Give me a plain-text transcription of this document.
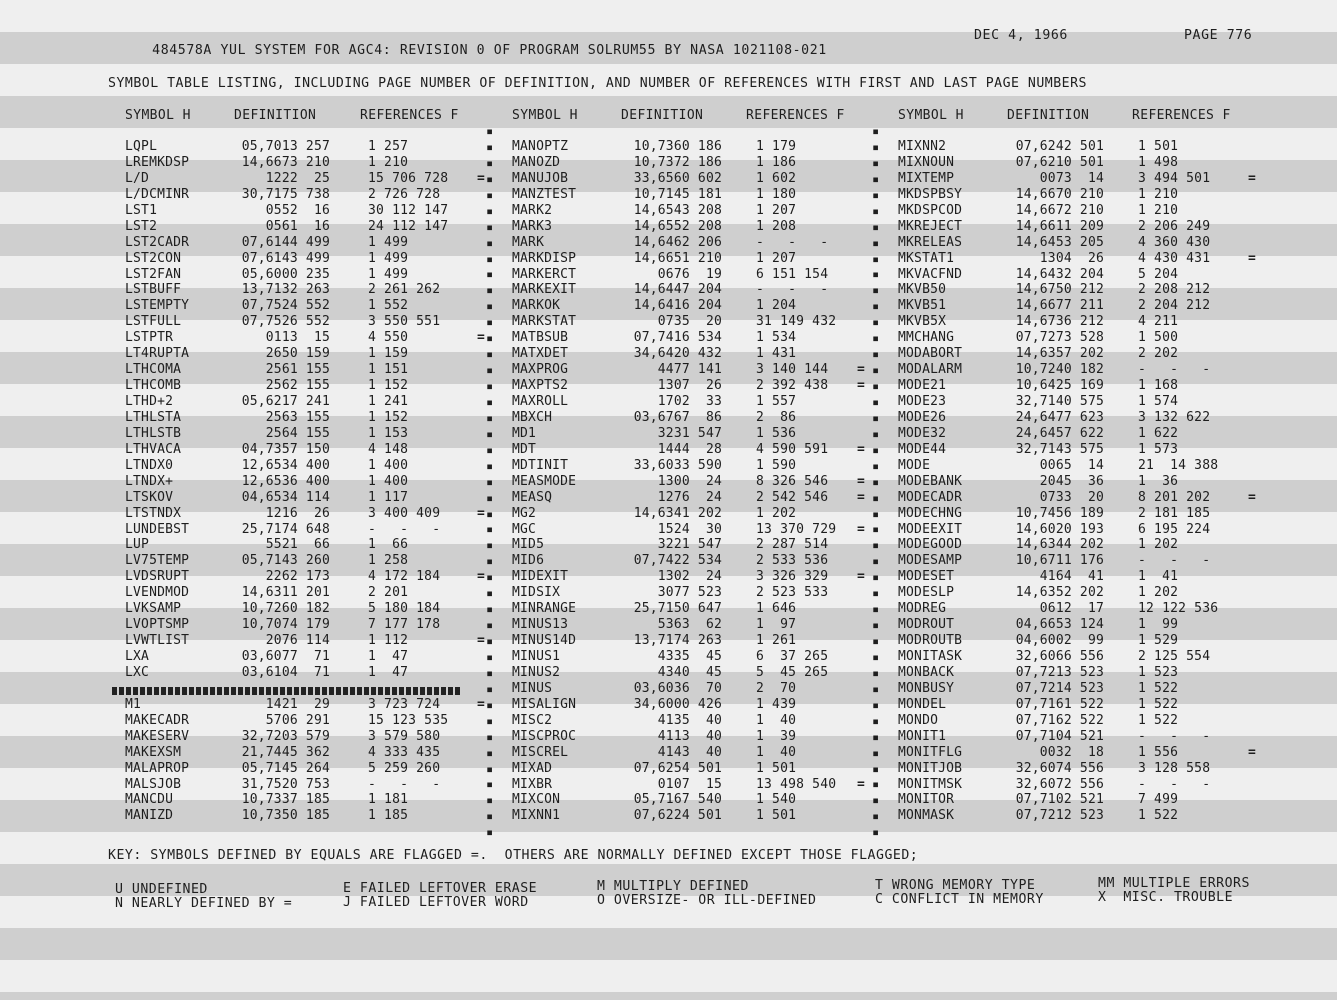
484578A YUL SYSTEM FOR AGC4: REVISION 0 OF PROGRAM SOLRUM55 BY NASA 1021108-021

DEC 4, 1966

	PAGE 776

SYMBOL TABLE LISTING, INCLUDING PAGE NUMBER OF DEFINITION, AND NUMBER OF REFERENCES WITH FIRST AND LAST PAGE NUMBERS
SYMBOL H	DEFINITION	REFERENCES F	SYMBOL H	DEFINITION	REFERENCES F	SYMBOL H	DEFINITION	REFERENCES F
▪
▪
▪
▪
▪
▪
▪
▪
▪
▪
▪
▪
▪
▪
▪
▪
▪
▪
▪
▪
▪
▪
▪
▪
▪
▪
▪
▪
▪
▪
▪
▪
▪
▪
▪
▪
▪
▪
▪
▪
▪
▪
▪
▪
▪
▪
▪
▪
▪
▪
▪
▪
▪
▪
▪
▪
▪
▪
▪
▪
▪
▪
▪
▪
▪
▪
▪
▪
▪
▪
▪
▪
▪
▪
▪
▪
▪
▪
▪
▪
▪
▪
▪
▪
▪
▪
▪
▪
▪
▪
LQPL	05,7013 257	1 257
LREMKDSP	14,6673 210	1 210
L/D	1222  25	15 706 728 =
L/DCMINR	30,7175 738	2 726 728
LST1	0552  16	30 112 147
LST2	0561  16	24 112 147
LST2CADR	07,6144 499	1 499
LST2CON	07,6143 499	1 499
LST2FAN	05,6000 235	1 499
LSTBUFF	13,7132 263	2 261 262
LSTEMPTY	07,7524 552	1 552
LSTFULL	07,7526 552	3 550 551
LSTPTR	0113  15	4 550	=
LT4RUPTA	2650 159	1 159
LTHCOMA	2561 155	1 151
LTHCOMB	2562 155	1 152
LTHD+2	05,6217 241	1 241
LTHLSTA	2563 155	1 152
LTHLSTB	2564 155	1 153
LTHVACA	04,7357 150	4 148
LTNDX0	12,6534 400	1 400
LTNDX+	12,6536 400	1 400
LTSKOV	04,6534 114	1 117
LTSTNDX	1216  26	3 400 409	=
LUNDEBST	25,7174 648	-   -   -
LUP	5521  66	1  66
LV75TEMP	05,7143 260	1 258
LVDSRUPT	2262 173	4 172 184	=
LVENDMOD	14,6311 201	2 201
LVKSAMP	10,7260 182	5 180 184
LVOPTSMP	10,7074 179	7 177 178
LVWTLIST	2076 114	1 112	=
LXA	03,6077  71	1  47
LXC	03,6104  71	1  47
M1	1421  29	3 723 724	=
MAKECADR	5706 291	15 123 535
MAKESERV	32,7203 579	3 579 580
MAKEXSM	21,7445 362	4 333 435
MALAPROP	05,7145 264	5 259 260
MALSJOB	31,7520 753	-   -   -
MANCDU	10,7337 185	1 181
MANIZD	10,7350 185	1 185
MANOPTZ	10,7360 186	1 179
MANOZD	10,7372 186	1 186
MANUJOB	33,6560 602	1 602
MANZTEST	10,7145 181	1 180
MARK2	14,6543 208	1 207
MARK3	14,6552 208	1 208
MARK	14,6462 206	-   -   -
MARKDISP	14,6651 210	1 207
MARKERCT	0676  19	6 151 154
MARKEXIT	14,6447 204	-   -   -
MARKOK	14,6416 204	1 204
MARKSTAT	0735  20	31 149 432
MATBSUB	07,7416 534	1 534
MATXDET	34,6420 432	1 431
MAXPROG	4477 141	3 140 144 =
MAXPTS2	1307  26	2 392 438 =
MAXROLL	1702  33	1 557
MBXCH	03,6767  86	2  86
MD1	3231 547	1 536
MDT	1444  28	4 590 591 =
MDTINIT	33,6033 590	1 590
MEASMODE	1300  24	8 326 546 =
MEASQ	1276  24	2 542 546 =
MG2	14,6341 202	1 202
MGC	1524  30	13 370 729 =
MID5	3221 547	2 287 514
MID6	07,7422 534	2 533 536
MIDEXIT	1302  24	3 326 329 =
MIDSIX	3077 523	2 523 533
MINRANGE	25,7150 647	1 646
MINUS13	5363  62	1  97
MINUS14D	13,7174 263	1 261
MINUS1	4335  45	6  37 265
MINUS2	4340  45	5  45 265
MINUS	03,6036  70	2  70
MISALIGN	34,6000 426	1 439
MISC2	4135  40	1  40
MISCPROC	4113  40	1  39
MISCREL	4143  40	1  40
MIXAD	07,6254 501	1 501
MIXBR	0107  15	13 498 540 =
MIXCON	05,7167 540	1 540
MIXNN1	07,6224 501	1 501
MIXNN2	07,6242 501	1 501
MIXNOUN	07,6210 501	1 498
MIXTEMP	0073  14	3 494 501	=
MKDSPBSY	14,6670 210	1 210
MKDSPCOD	14,6672 210	1 210
MKREJECT	14,6611 209	2 206 249
MKRELEAS	14,6453 205	4 360 430
MKSTAT1	1304  26	4 430 431	=
MKVACFND	14,6432 204	5 204
MKVB50	14,6750 212	2 208 212
MKVB51	14,6677 211	2 204 212
MKVB5X	14,6736 212	4 211
MMCHANG	07,7273 528	1 500
MODABORT	14,6357 202	2 202
MODALARM	10,7240 182	-   -   -
MODE21	10,6425 169	1 168
MODE23	32,7140 575	1 574
MODE26	24,6477 623	3 132 622
MODE32	24,6457 622	1 622
MODE44	32,7143 575	1 573
MODE	0065  14	21  14 388
MODEBANK	2045  36	1  36
MODECADR	0733  20	8 201 202	=
MODECHNG	10,7456 189	2 181 185
MODEEXIT	14,6020 193	6 195 224
MODEGOOD	14,6344 202	1 202
MODESAMP	10,6711 176	-   -   -
MODESET	4164  41	1  41
MODESLP	14,6352 202	1 202
MODREG	0612  17	12 122 536
MODROUT	04,6653 124	1  99
MODROUTB	04,6002  99	1 529
MONITASK	32,6066 556	2 125 554
MONBACK	07,7213 523	1 523
MONBUSY	07,7214 523	1 522
MONDEL	07,7161 522	1 522
MONDO	07,7162 522	1 522
MONIT1	07,7104 521	-   -   -
MONITFLG	0032  18	1 556	=
MONITJOB	32,6074 556	3 128 558
MONITMSK	32,6072 556	-   -   -
MONITOR	07,7102 521	7 499
MONMASK	07,7212 523	1 522
KEY: SYMBOLS DEFINED BY EQUALS ARE FLAGGED =.  OTHERS ARE NORMALLY DEFINED EXCEPT THOSE FLAGGED;
U UNDEFINED	E FAILED LEFTOVER ERASE	M MULTIPLY DEFINED	T WRONG MEMORY TYPE	MM MULTIPLE ERRORS
N NEARLY DEFINED BY =	J FAILED LEFTOVER WORD	O OVERSIZE- OR ILL-DEFINED	C CONFLICT IN MEMORY	X  MISC. TROUBLE
